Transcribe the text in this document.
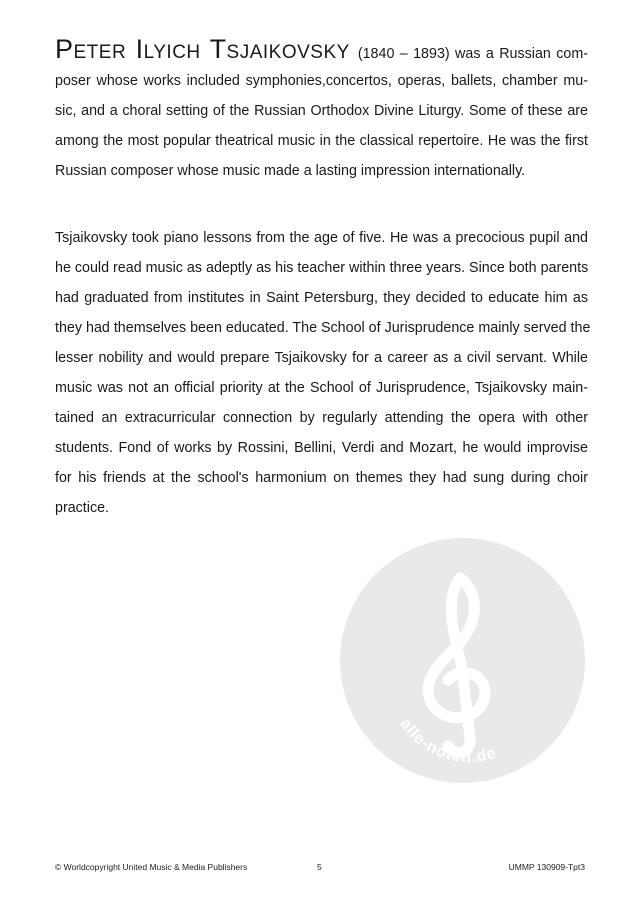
Peter Ilyich Tsjaikovsky (1840 – 1893) was a Russian com-
poser whose works included symphonies,concertos, operas, ballets, chamber mu-
sic, and a choral setting of the Russian Orthodox Divine Liturgy. Some of these are
among the most popular theatrical music in the classical repertoire. He was the first
Russian composer whose music made a lasting impression internationally.
Tsjaikovsky took piano lessons from the age of five. He was a precocious pupil and
he could read music as adeptly as his teacher within three years. Since both parents
had graduated from institutes in Saint Petersburg, they decided to educate him as
they had themselves been educated. The School of Jurisprudence mainly served the
lesser nobility and would prepare Tsjaikovsky for a career as a civil servant. While
music was not an official priority at the School of Jurisprudence, Tsjaikovsky main-
tained an extracurricular connection by regularly attending the opera with other
students. Fond of works by Rossini, Bellini, Verdi and Mozart, he would improvise
for his friends at the school's harmonium on themes they had sung during choir
practice.
alle-noten.de
© Worldcopyright United Music & Media Publishers	5	UMMP 130909-Tpt3
